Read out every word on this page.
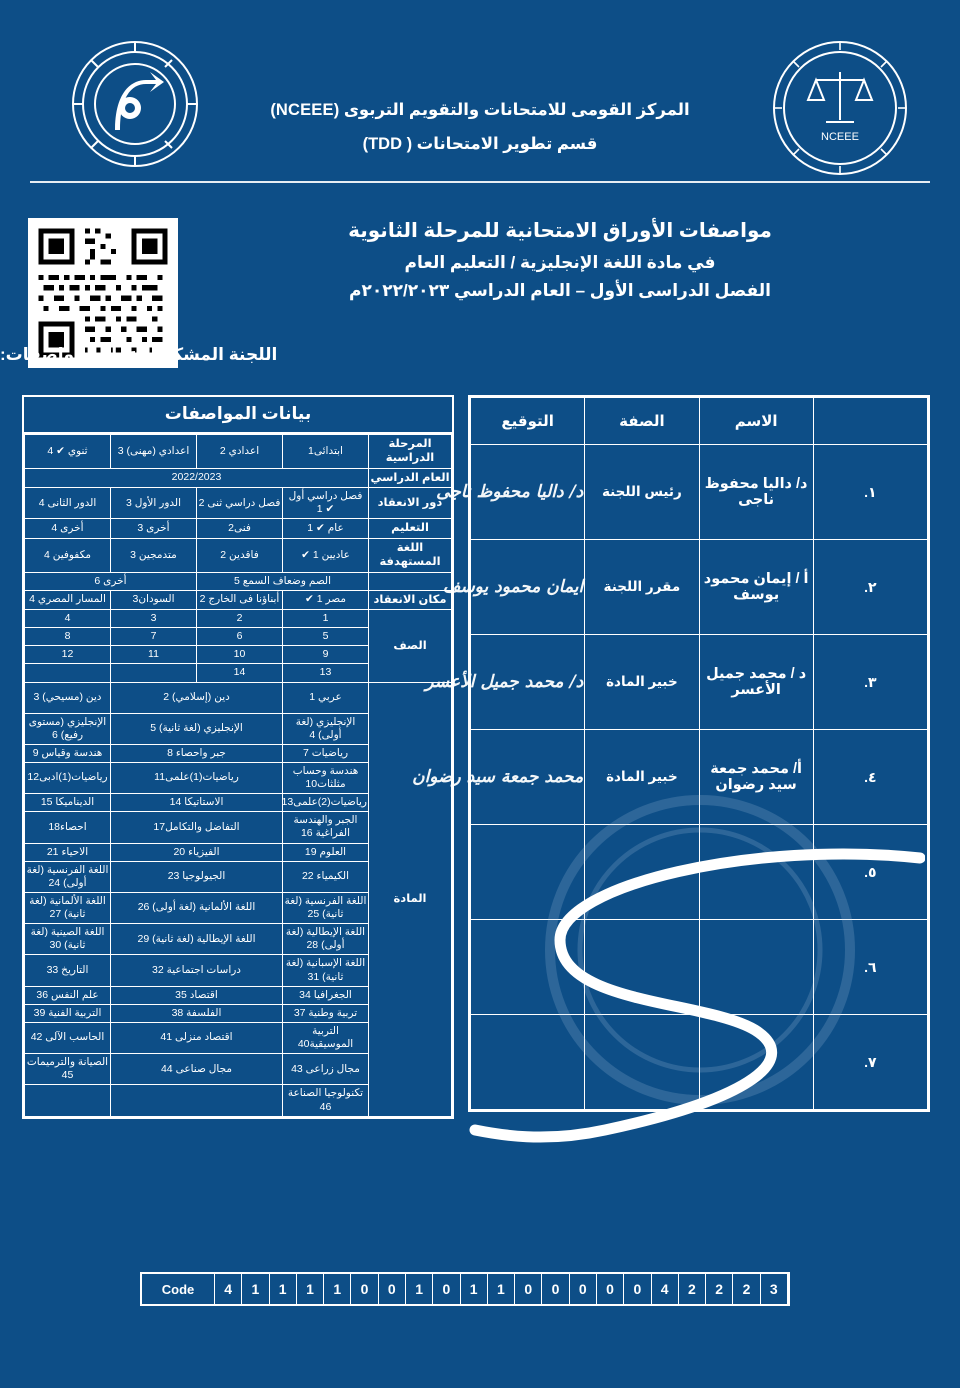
NCEEE
المركز القومى للامتحانات والتقويم التربوى (NCEEE)
قسم تطوير الامتحانات ( TDD)
مواصفات الأوراق الامتحانية للمرحلة الثانوية
في مادة اللغة الإنجليزية / التعليم العام
الفصل الدراسى الأول – العام الدراسي ٢٠٢٢/٢٠٢٣م
اللجنة المشكلة لإعداد المواصفات:
بيانات المواصفات
المرحلة الدراسية	ابتدائى1	اعدادي 2	اعدادي (مهنى) 3	ثنوي ✔ 4
العام الدراسي	2022/2023			
دور الانعقاد	فصل دراسي أول ✔ 1	فصل دراسي ثنى 2	الدور الأول 3	الدور الثانى 4
التعليم	عام ✔ 1	فنى2	أخرى 3	أخرى 4
اللغة المستهدفة	عاديين 1 ✔	فاقدين 2	متدمجين 3	مكفوفين 4
	الصم وضعاف السمع 5		أخرى 6	
مكان الانعقاد	مصر 1 ✔	أبناؤنا فى الخارج 2	السودان3	المسار المصري 4
الصف	1	2	3	4
	5	6	7	8
	9	10	11	12
	13	14		
المادة	عربي 1	دين (إسلامي) 2		دين (مسيحي) 3
	الإنجليزي (لغة أولى) 4	الإنجليزي (لغة ثانية) 5		الإنجليزي (مستوى رفيع) 6
	رياضيات 7	جبر واحصاء 8		هندسة وقياس 9
	هندسة وحساب مثلثات10	رياضيات(1)علمى11		رياضيات(1)ادبى12
	رياضيات(2)علمى13	الاستاتيكا 14		الديناميكا 15
	الجبر والهندسة الفراغية 16	التفاضل والتكامل17		احصاء18
	العلوم 19	الفيزياء 20		الاحياء 21
	الكيمياء 22	الجيولوجيا 23		اللغة الفرنسية (لغة أولى) 24
	اللغة الفرنسية (لغة ثانية) 25	اللغة الألمانية (لغة أولى) 26		اللغة الألمانية (لغة ثانية) 27
	اللغة الإيطالية (لغة أولى) 28	اللغة الإيطالية (لغة ثانية) 29		اللغة الصينية (لغة ثانية) 30
	اللغة الإسبانية (لغة ثانية) 31	دراسات اجتماعية 32		التاريخ 33
	الجغرافيا 34	اقتصاد 35		علم النفس 36
	تربية وطنية 37	الفلسفة 38		التربية الفنية 39
	التربية الموسيقية40	اقتصاد منزلى 41		الحاسب الآلى 42
	مجال زراعى 43	مجال صناعى 44		الصيانة والترميمات 45
	تكنولوجيا الصناعة 46			
	الاسم	الصفة	التوقيع
١.	د/ داليا محفوظ ناجى	رئيس اللجنة	د/ داليا محفوظ ناجى
٢.	أ / إيمان محمود يوسف	مقرر اللجنة	ايمان محمود يوسف
٣.	د / محمد جميل الأعسر	خبير المادة	د/ محمد جميل الأعسر
٤.	أ/ محمد جمعة سيد رضوان	خبير المادة	محمد جمعة سيد رضوان
٥.			
٦.			
٧.			
Code	4	1	1	1	1	0	0	1	0	1	1	0	0	0	0	0	4	2	2	2	3
